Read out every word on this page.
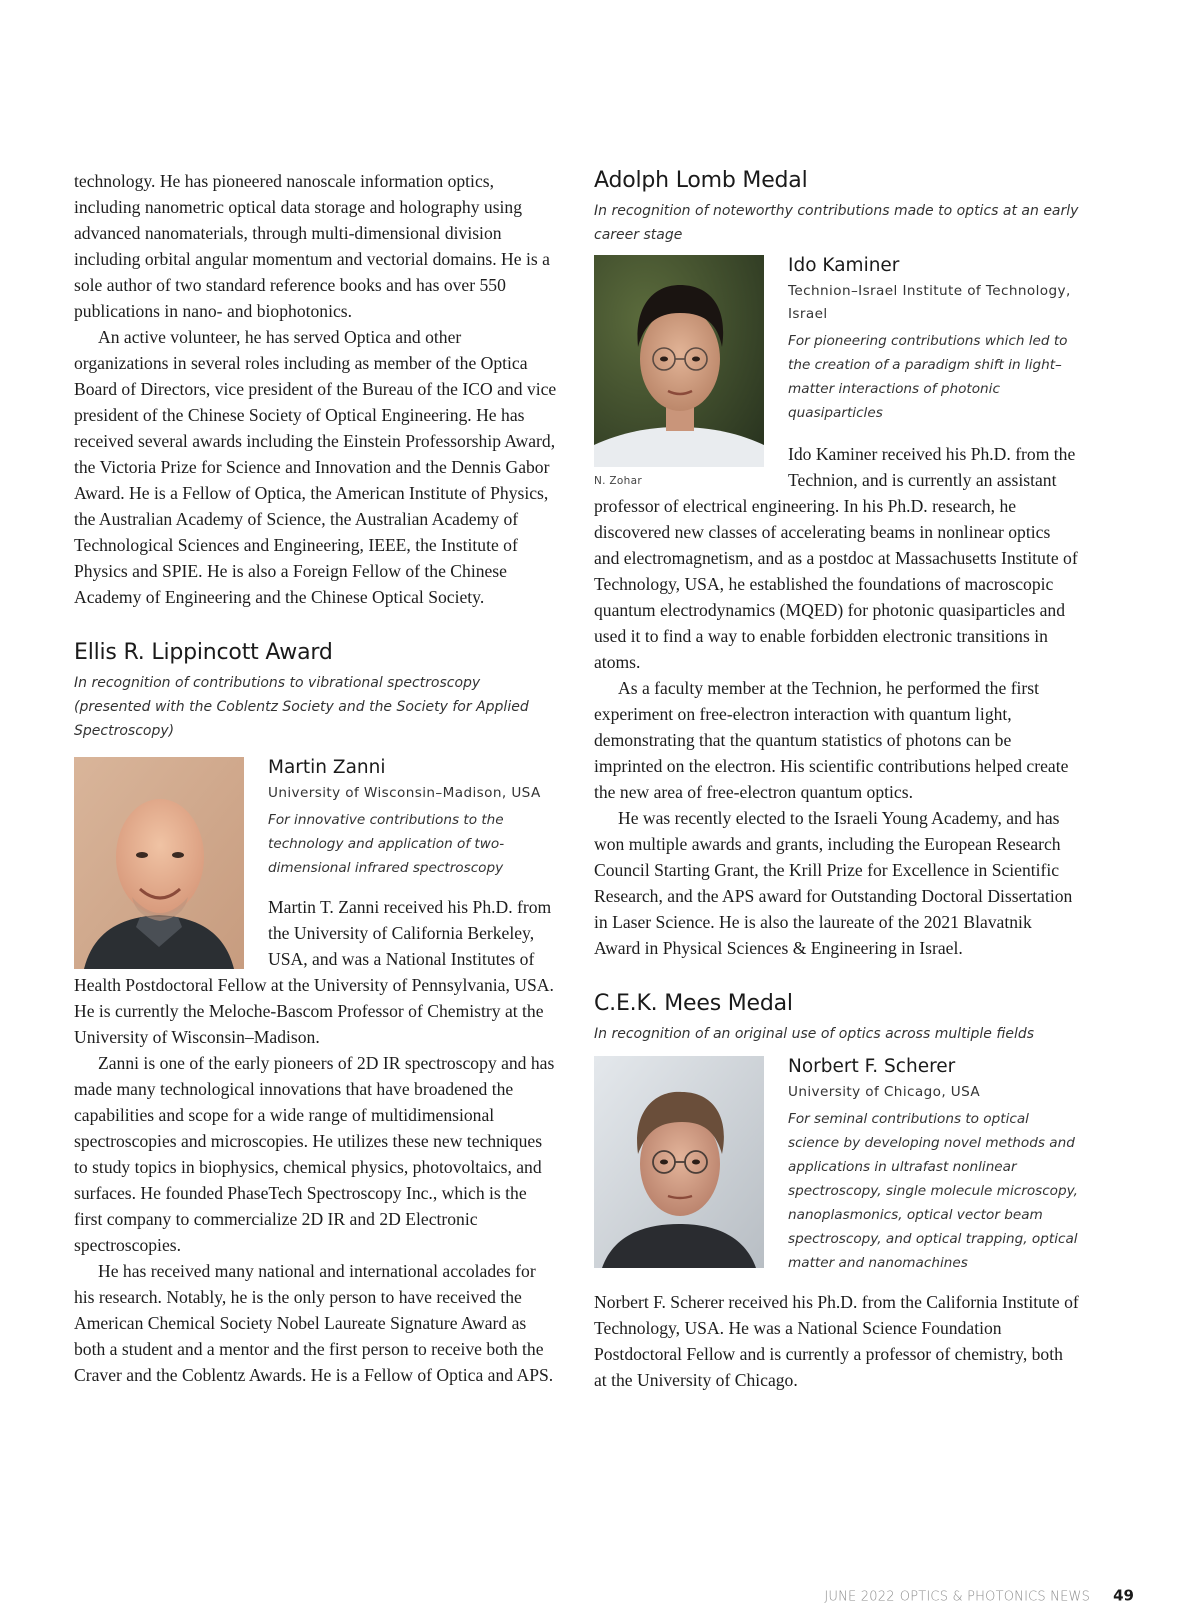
technology. He has pioneered nanoscale information optics, including nanometric optical data storage and holography using advanced nanomaterials, through multi-dimensional division including orbital angular momentum and vectorial domains. He is a sole author of two standard reference books and has over 550 publications in nano- and biophotonics.

An active volunteer, he has served Optica and other organizations in several roles including as member of the Optica Board of Directors, vice president of the Bureau of the ICO and vice president of the Chinese Society of Optical Engineering. He has received several awards including the Einstein Professorship Award, the Victoria Prize for Science and Innovation and the Dennis Gabor Award. He is a Fellow of Optica, the American Institute of Physics, the Australian Academy of Science, the Australian Academy of Technological Sciences and Engineering, IEEE, the Institute of Physics and SPIE. He is also a Foreign Fellow of the Chinese Academy of Engineering and the Chinese Optical Society.

Ellis R. Lippincott Award

In recognition of contributions to vibrational spectroscopy (presented with the Coblentz Society and the Society for Applied Spectroscopy)

Martin Zanni

University of Wisconsin–Madison, USA

For innovative contributions to the technology and application of two-dimensional infrared spectroscopy

Martin T. Zanni received his Ph.D. from the University of California Berkeley, USA, and was a National Institutes of Health Postdoctoral Fellow at the University of Pennsylvania, USA. He is currently the Meloche-Bascom Professor of Chemistry at the University of Wisconsin–Madison.

Zanni is one of the early pioneers of 2D IR spectroscopy and has made many technological innovations that have broadened the capabilities and scope for a wide range of multidimensional spectroscopies and microscopies. He utilizes these new techniques to study topics in biophysics, chemical physics, photovoltaics, and surfaces. He founded PhaseTech Spectroscopy Inc., which is the first company to commercialize 2D IR and 2D Electronic spectroscopies.

He has received many national and international accolades for his research. Notably, he is the only person to have received the American Chemical Society Nobel Laureate Signature Award as both a student and a mentor and the first person to receive both the Craver and the Coblentz Awards. He is a Fellow of Optica and APS.

Adolph Lomb Medal

In recognition of noteworthy contributions made to optics at an early career stage

N. Zohar
Ido Kaminer

Technion–Israel Institute of Technology, Israel

For pioneering contributions which led to the creation of a paradigm shift in light–matter interactions of photonic quasiparticles

Ido Kaminer received his Ph.D. from the Technion, and is currently an assistant professor of electrical engineering. In his Ph.D. research, he discovered new classes of accelerating beams in nonlinear optics and electromagnetism, and as a postdoc at Massachusetts Institute of Technology, USA, he established the foundations of macroscopic quantum electrodynamics (MQED) for photonic quasiparticles and used it to find a way to enable forbidden electronic transitions in atoms.

As a faculty member at the Technion, he performed the first experiment on free-electron interaction with quantum light, demonstrating that the quantum statistics of photons can be imprinted on the electron. His scientific contributions helped create the new area of free-electron quantum optics.

He was recently elected to the Israeli Young Academy, and has won multiple awards and grants, including the European Research Council Starting Grant, the Krill Prize for Excellence in Scientific Research, and the APS award for Outstanding Doctoral Dissertation in Laser Science. He is also the laureate of the 2021 Blavatnik Award in Physical Sciences & Engineering in Israel.

C.E.K. Mees Medal

In recognition of an original use of optics across multiple fields

Norbert F. Scherer

University of Chicago, USA

For seminal contributions to optical science by developing novel methods and applications in ultrafast nonlinear spectroscopy, single molecule microscopy, nanoplasmonics, optical vector beam spectroscopy, and optical trapping, optical matter and nanomachines

Norbert F. Scherer received his Ph.D. from the California Institute of Technology, USA. He was a National Science Foundation Postdoctoral Fellow and is currently a professor of chemistry, both at the University of Chicago.

JUNE 2022 OPTICS & PHOTONICS NEWS 49
